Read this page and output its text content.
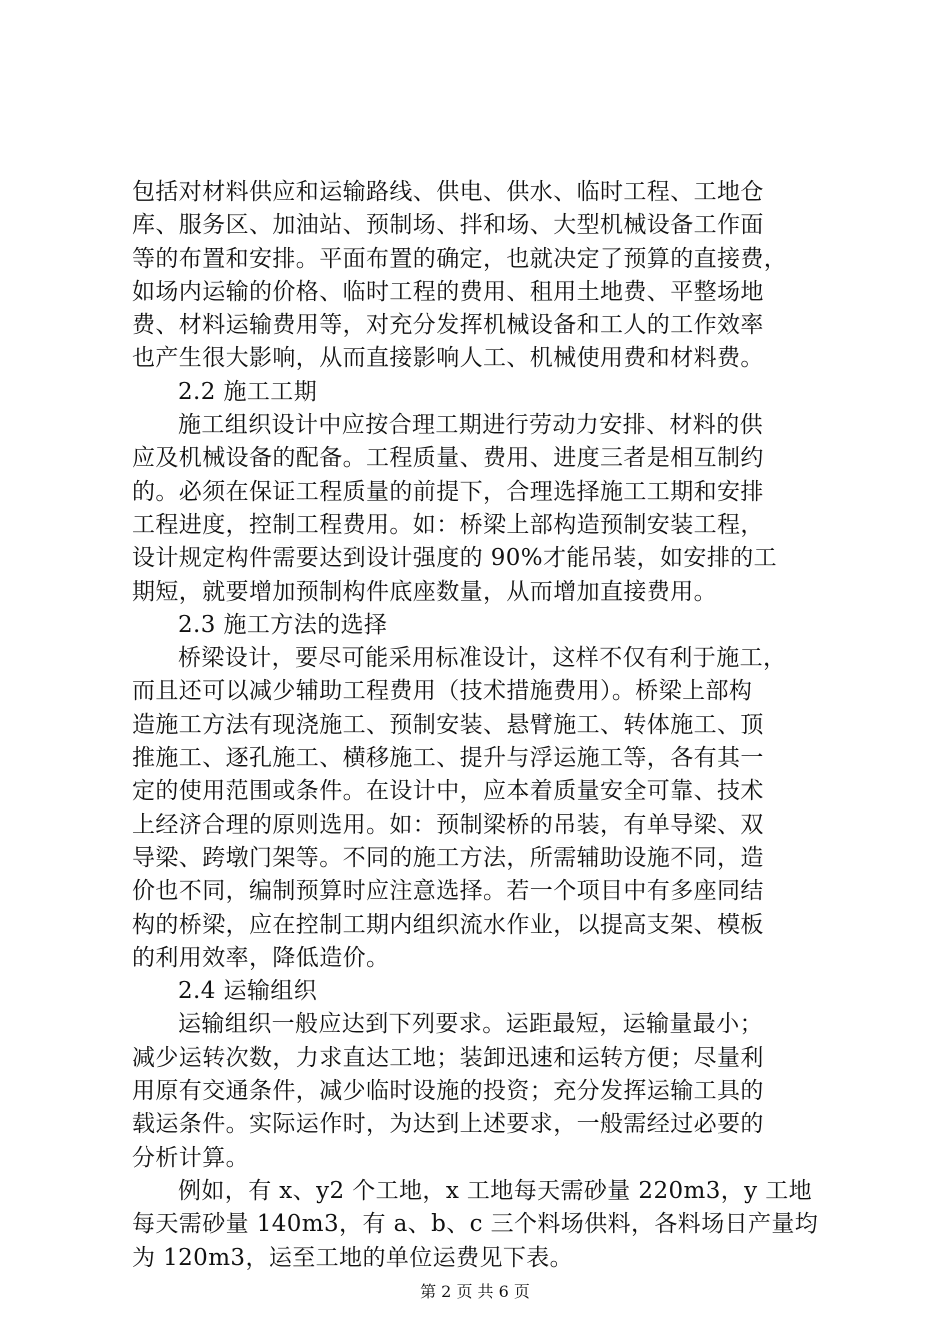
包括对材料供应和运输路线、供电、供水、临时工程、工地仓
库、服务区、加油站、预制场、拌和场、大型机械设备工作面
等的布置和安排。平面布置的确定，也就决定了预算的直接费，
如场内运输的价格、临时工程的费用、租用土地费、平整场地
费、材料运输费用等，对充分发挥机械设备和工人的工作效率
也产生很大影响，从而直接影响人工、机械使用费和材料费。
2.2 施工工期
施工组织设计中应按合理工期进行劳动力安排、材料的供
应及机械设备的配备。工程质量、费用、进度三者是相互制约
的。必须在保证工程质量的前提下，合理选择施工工期和安排
工程进度，控制工程费用。如：桥梁上部构造预制安装工程，
设计规定构件需要达到设计强度的 90%才能吊装，如安排的工
期短，就要增加预制构件底座数量，从而增加直接费用。
2.3 施工方法的选择
桥梁设计，要尽可能采用标准设计，这样不仅有利于施工，
而且还可以减少辅助工程费用（技术措施费用）。桥梁上部构
造施工方法有现浇施工、预制安装、悬臂施工、转体施工、顶
推施工、逐孔施工、横移施工、提升与浮运施工等，各有其一
定的使用范围或条件。在设计中，应本着质量安全可靠、技术
上经济合理的原则选用。如：预制梁桥的吊装，有单导梁、双
导梁、跨墩门架等。不同的施工方法，所需辅助设施不同，造
价也不同，编制预算时应注意选择。若一个项目中有多座同结
构的桥梁，应在控制工期内组织流水作业，以提高支架、模板
的利用效率，降低造价。
2.4 运输组织
运输组织一般应达到下列要求。运距最短，运输量最小；
减少运转次数，力求直达工地；装卸迅速和运转方便；尽量利
用原有交通条件，减少临时设施的投资；充分发挥运输工具的
载运条件。实际运作时，为达到上述要求，一般需经过必要的
分析计算。
例如，有 x、y2 个工地，x 工地每天需砂量 220m3，y 工地
每天需砂量 140m3，有 a、b、c 三个料场供料，各料场日产量均
为 120m3，运至工地的单位运费见下表。
第 2 页 共 6 页
